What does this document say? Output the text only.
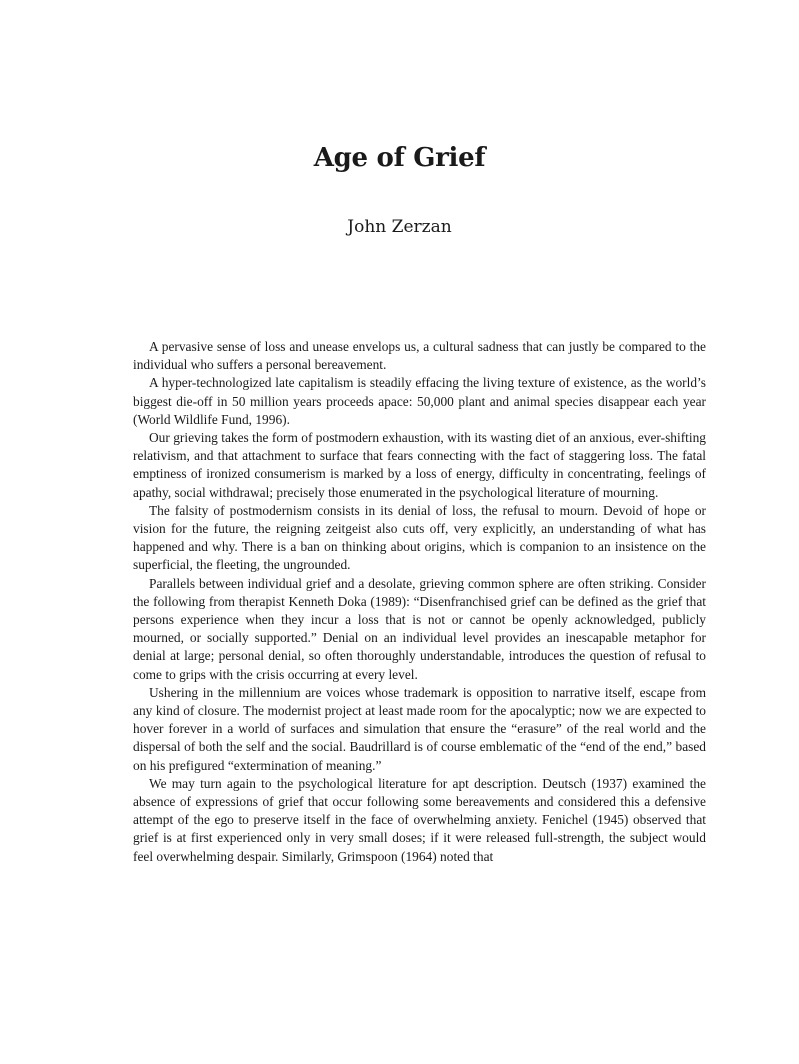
Age of Grief
John Zerzan

A pervasive sense of loss and unease envelops us, a cultural sadness that can justly be compared to the individual who suffers a personal bereavement.

A hyper-technologized late capitalism is steadily effacing the living texture of existence, as the world’s biggest die-off in 50 million years proceeds apace: 50,000 plant and animal species disappear each year (World Wildlife Fund, 1996).

Our grieving takes the form of postmodern exhaustion, with its wasting diet of an anxious, ever-shifting relativism, and that attachment to surface that fears connecting with the fact of staggering loss. The fatal emptiness of ironized consumerism is marked by a loss of energy, difficulty in concentrating, feelings of apathy, social withdrawal; precisely those enumerated in the psychological literature of mourning.

The falsity of postmodernism consists in its denial of loss, the refusal to mourn. Devoid of hope or vision for the future, the reigning zeitgeist also cuts off, very explicitly, an understanding of what has happened and why. There is a ban on thinking about origins, which is companion to an insistence on the superficial, the fleeting, the ungrounded.

Parallels between individual grief and a desolate, grieving common sphere are often striking. Consider the following from therapist Kenneth Doka (1989): “Disenfranchised grief can be defined as the grief that persons experience when they incur a loss that is not or cannot be openly acknowledged, publicly mourned, or socially supported.” Denial on an individual level provides an inescapable metaphor for denial at large; personal denial, so often thoroughly understandable, introduces the question of refusal to come to grips with the crisis occurring at every level.

Ushering in the millennium are voices whose trademark is opposition to narrative itself, escape from any kind of closure. The modernist project at least made room for the apocalyptic; now we are expected to hover forever in a world of surfaces and simulation that ensure the “erasure” of the real world and the dispersal of both the self and the social. Baudrillard is of course emblematic of the “end of the end,” based on his prefigured “extermination of meaning.”

We may turn again to the psychological literature for apt description. Deutsch (1937) examined the absence of expressions of grief that occur following some bereavements and considered this a defensive attempt of the ego to preserve itself in the face of overwhelming anxiety. Fenichel (1945) observed that grief is at first experienced only in very small doses; if it were released full-strength, the subject would feel overwhelming despair. Similarly, Grimspoon (1964) noted that
